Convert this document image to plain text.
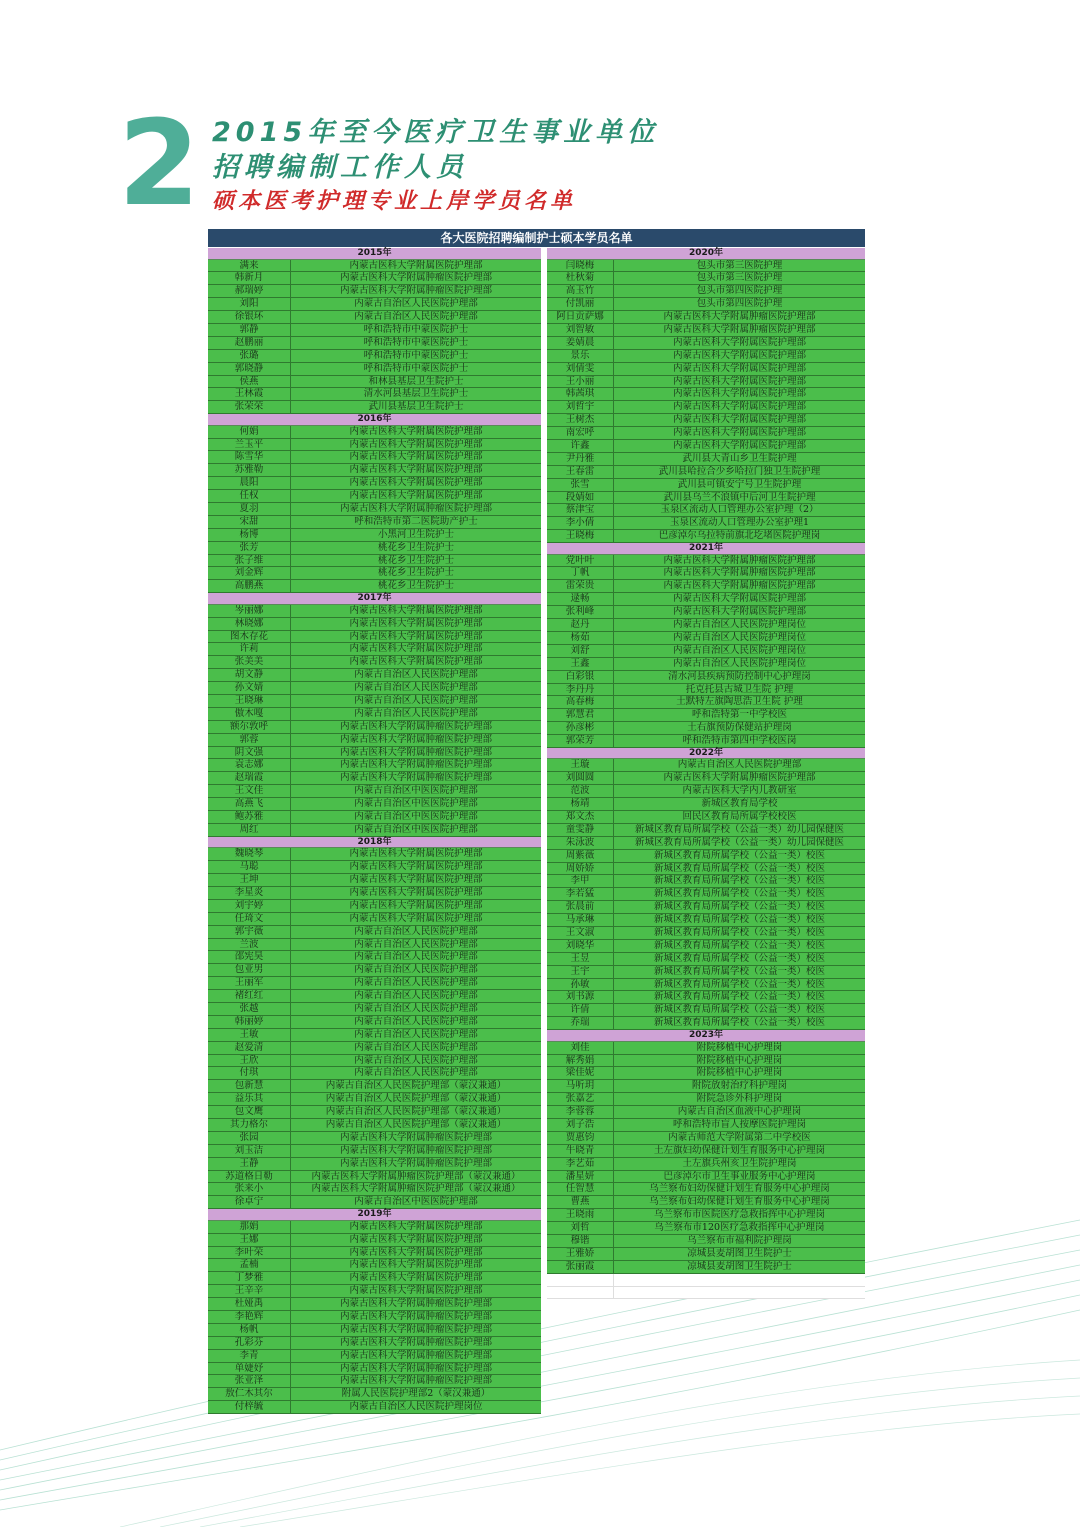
2 2015年至今医疗卫生事业单位
招聘编制工作人员
硕本医考护理专业上岸学员名单
各大医院招聘编制护士硕本学员名单
2015年
满来	内蒙古医科大学附属医院护理部
韩新月	内蒙古医科大学附属肿瘤医院护理部
郝瑞婷	内蒙古医科大学附属肿瘤医院护理部
刘阳	内蒙古自治区人民医院护理部
徐银环	内蒙古自治区人民医院护理部
郭静	呼和浩特市中蒙医院护士
赵鹏丽	呼和浩特市中蒙医院护士
张璐	呼和浩特市中蒙医院护士
郭晓静	呼和浩特市中蒙医院护士
侯燕	和林县基层卫生院护士
王林霞	清水河县基层卫生院护士
张荣荣	武川县基层卫生院护士
2016年
何娟	内蒙古医科大学附属医院护理部
兰玉平	内蒙古医科大学附属医院护理部
陈雪华	内蒙古医科大学附属医院护理部
苏雅勒	内蒙古医科大学附属医院护理部
晨阳	内蒙古医科大学附属医院护理部
任权	内蒙古医科大学附属医院护理部
夏羽	内蒙古医科大学附属肿瘤医院护理部
宋甜	呼和浩特市第二医院助产护士
杨博	小黑河卫生院护士
张芳	桃花乡卫生院护士
张子维	桃花乡卫生院护士
刘金辉	桃花乡卫生院护士
高鹏燕	桃花乡卫生院护士
2017年
岑丽娜	内蒙古医科大学附属医院护理部
林晓娜	内蒙古医科大学附属医院护理部
图木存花	内蒙古医科大学附属医院护理部
许莉	内蒙古医科大学附属医院护理部
张美美	内蒙古医科大学附属医院护理部
胡文静	内蒙古自治区人民医院护理部
孙文婧	内蒙古自治区人民医院护理部
王晓琳	内蒙古自治区人民医院护理部
傲木嘎	内蒙古自治区人民医院护理部
额尔敦呼	内蒙古医科大学附属肿瘤医院护理部
郭蓉	内蒙古医科大学附属肿瘤医院护理部
阴文强	内蒙古医科大学附属肿瘤医院护理部
袁志娜	内蒙古医科大学附属肿瘤医院护理部
赵瑞霞	内蒙古医科大学附属肿瘤医院护理部
王文佳	内蒙古自治区中医医院护理部
高燕飞	内蒙古自治区中医医院护理部
鲍苏雅	内蒙古自治区中医医院护理部
周红	内蒙古自治区中医医院护理部
2018年
魏晓琴	内蒙古医科大学附属医院护理部
马聪	内蒙古医科大学附属医院护理部
王坤	内蒙古医科大学附属医院护理部
李星炎	内蒙古医科大学附属医院护理部
刘宇婷	内蒙古医科大学附属医院护理部
任琦文	内蒙古医科大学附属医院护理部
郭宇薇	内蒙古自治区人民医院护理部
兰波	内蒙古自治区人民医院护理部
邵宪昊	内蒙古自治区人民医院护理部
包亚男	内蒙古自治区人民医院护理部
王丽军	内蒙古自治区人民医院护理部
褚红红	内蒙古自治区人民医院护理部
张越	内蒙古自治区人民医院护理部
韩丽婷	内蒙古自治区人民医院护理部
王敏	内蒙古自治区人民医院护理部
赵爱清	内蒙古自治区人民医院护理部
王欣	内蒙古自治区人民医院护理部
付琪	内蒙古自治区人民医院护理部
包新慧	内蒙古自治区人民医院护理部（蒙汉兼通）
益乐其	内蒙古自治区人民医院护理部（蒙汉兼通）
包文鹰	内蒙古自治区人民医院护理部（蒙汉兼通）
其力格尔	内蒙古自治区人民医院护理部（蒙汉兼通）
张园	内蒙古医科大学附属肿瘤医院护理部
刘玉洁	内蒙古医科大学附属肿瘤医院护理部
王静	内蒙古医科大学附属肿瘤医院护理部
苏道格日勒	内蒙古医科大学附属肿瘤医院护理部（蒙汉兼通）
张来小	内蒙古医科大学附属肿瘤医院护理部（蒙汉兼通）
徐卓宁	内蒙古自治区中医医院护理部
2019年
那娟	内蒙古医科大学附属医院护理部
王娜	内蒙古医科大学附属医院护理部
李叶荣	内蒙古医科大学附属医院护理部
孟楠	内蒙古医科大学附属医院护理部
丁梦雅	内蒙古医科大学附属医院护理部
王辛辛	内蒙古医科大学附属医院护理部
杜娅禹	内蒙古医科大学附属肿瘤医院护理部
李艳辉	内蒙古医科大学附属肿瘤医院护理部
杨帆	内蒙古医科大学附属肿瘤医院护理部
孔彩芬	内蒙古医科大学附属肿瘤医院护理部
李青	内蒙古医科大学附属肿瘤医院护理部
单婕妤	内蒙古医科大学附属肿瘤医院护理部
张亚泽	内蒙古医科大学附属肿瘤医院护理部
敖仁木其尔	附属人民医院护理部2（蒙汉兼通）
付梓毓	内蒙古自治区人民医院护理岗位
2020年
闫晓梅	包头市第三医院护理
杜秋菊	包头市第三医院护理
高玉竹	包头市第四医院护理
付凯丽	包头市第四医院护理
阿日贡萨娜	内蒙古医科大学附属肿瘤医院护理部
刘智敏	内蒙古医科大学附属肿瘤医院护理部
姜婧晨	内蒙古医科大学附属医院护理部
景乐	内蒙古医科大学附属医院护理部
刘倩雯	内蒙古医科大学附属医院护理部
王小丽	内蒙古医科大学附属医院护理部
韩茜琪	内蒙古医科大学附属医院护理部
刘哲宇	内蒙古医科大学附属医院护理部
王树杰	内蒙古医科大学附属医院护理部
南宏呼	内蒙古医科大学附属医院护理部
许鑫	内蒙古医科大学附属医院护理部
尹丹雅	武川县大青山乡卫生院护理
王春雷	武川县哈拉合少乡哈拉门独卫生院护理
张雪	武川县可镇安宁号卫生院护理
段婧如	武川县乌兰不浪镇中后河卫生院护理
蔡津宝	玉泉区流动人口管理办公室护理（2）
李小倩	玉泉区流动人口管理办公室护理1
王晓梅	巴彦淖尔乌拉特前旗北圪堵医院护理岗
2021年
党叶叶	内蒙古医科大学附属肿瘤医院护理部
丁帆	内蒙古医科大学附属肿瘤医院护理部
雷荣贵	内蒙古医科大学附属肿瘤医院护理部
逯畅	内蒙古医科大学附属医院护理部
张利峰	内蒙古医科大学附属医院护理部
赵丹	内蒙古自治区人民医院护理岗位
杨茹	内蒙古自治区人民医院护理岗位
刘舒	内蒙古自治区人民医院护理岗位
王鑫	内蒙古自治区人民医院护理岗位
白彩银	清水河县疾病预防控制中心护理岗
李丹丹	托克托县古城卫生院 护理
高春梅	土默特左旗陶思浩卫生院 护理
郭慧君	呼和浩特第一中学校医
孙彦彬	土右旗预防保健站护理岗
郭荣芳	呼和浩特市第四中学校医岗
2022年
王璇	内蒙古自治区人民医院护理部
刘圆圆	内蒙古医科大学附属肿瘤医院护理部
范波	内蒙古医科大学内儿教研室
杨靖	新城区教育局学校
郑文杰	回民区教育局所属学校校医
童雯静	新城区教育局所属学校（公益一类）幼儿园保健医
朱泳波	新城区教育局所属学校（公益一类）幼儿园保健医
周紫薇	新城区教育局所属学校（公益一类）校医
周娇娇	新城区教育局所属学校（公益一类）校医
李甲	新城区教育局所属学校（公益一类）校医
李若猛	新城区教育局所属学校（公益一类）校医
张晨前	新城区教育局所属学校（公益一类）校医
马承琳	新城区教育局所属学校（公益一类）校医
王文淑	新城区教育局所属学校（公益一类）校医
刘晓华	新城区教育局所属学校（公益一类）校医
王昱	新城区教育局所属学校（公益一类）校医
王宇	新城区教育局所属学校（公益一类）校医
孙敏	新城区教育局所属学校（公益一类）校医
刘书源	新城区教育局所属学校（公益一类）校医
许倩	新城区教育局所属学校（公益一类）校医
乔瑞	新城区教育局所属学校（公益一类）校医
2023年
刘佳	附院移植中心护理岗
解秀娟	附院移植中心护理岗
梁佳妮	附院移植中心护理岗
马听玥	附院放射治疗科护理岗
张嘉艺	附院急诊外科护理岗
李蓉蓉	内蒙古自治区血液中心护理岗
刘子浩	呼和浩特市盲人按摩医院护理岗
贾惠钧	内蒙古师范大学附属第二中学校医
牛晓青	土左旗妇幼保健计划生育服务中心护理岗
李艺茹	土左旗兵州亥卫生院护理岗
潘星妍	巴彦淖尔市卫生事业服务中心护理岗
任智慧	乌兰察布妇幼保健计划生育服务中心护理岗
曹燕	乌兰察布妇幼保健计划生育服务中心护理岗
王晓雨	乌兰察布市医院医疗急救指挥中心护理岗
刘哲	乌兰察布市120医疗急救指挥中心护理岗
穆锴	乌兰察布市福利院护理岗
王雅娇	凉城县麦胡图卫生院护士
张丽霞	凉城县麦胡图卫生院护士
